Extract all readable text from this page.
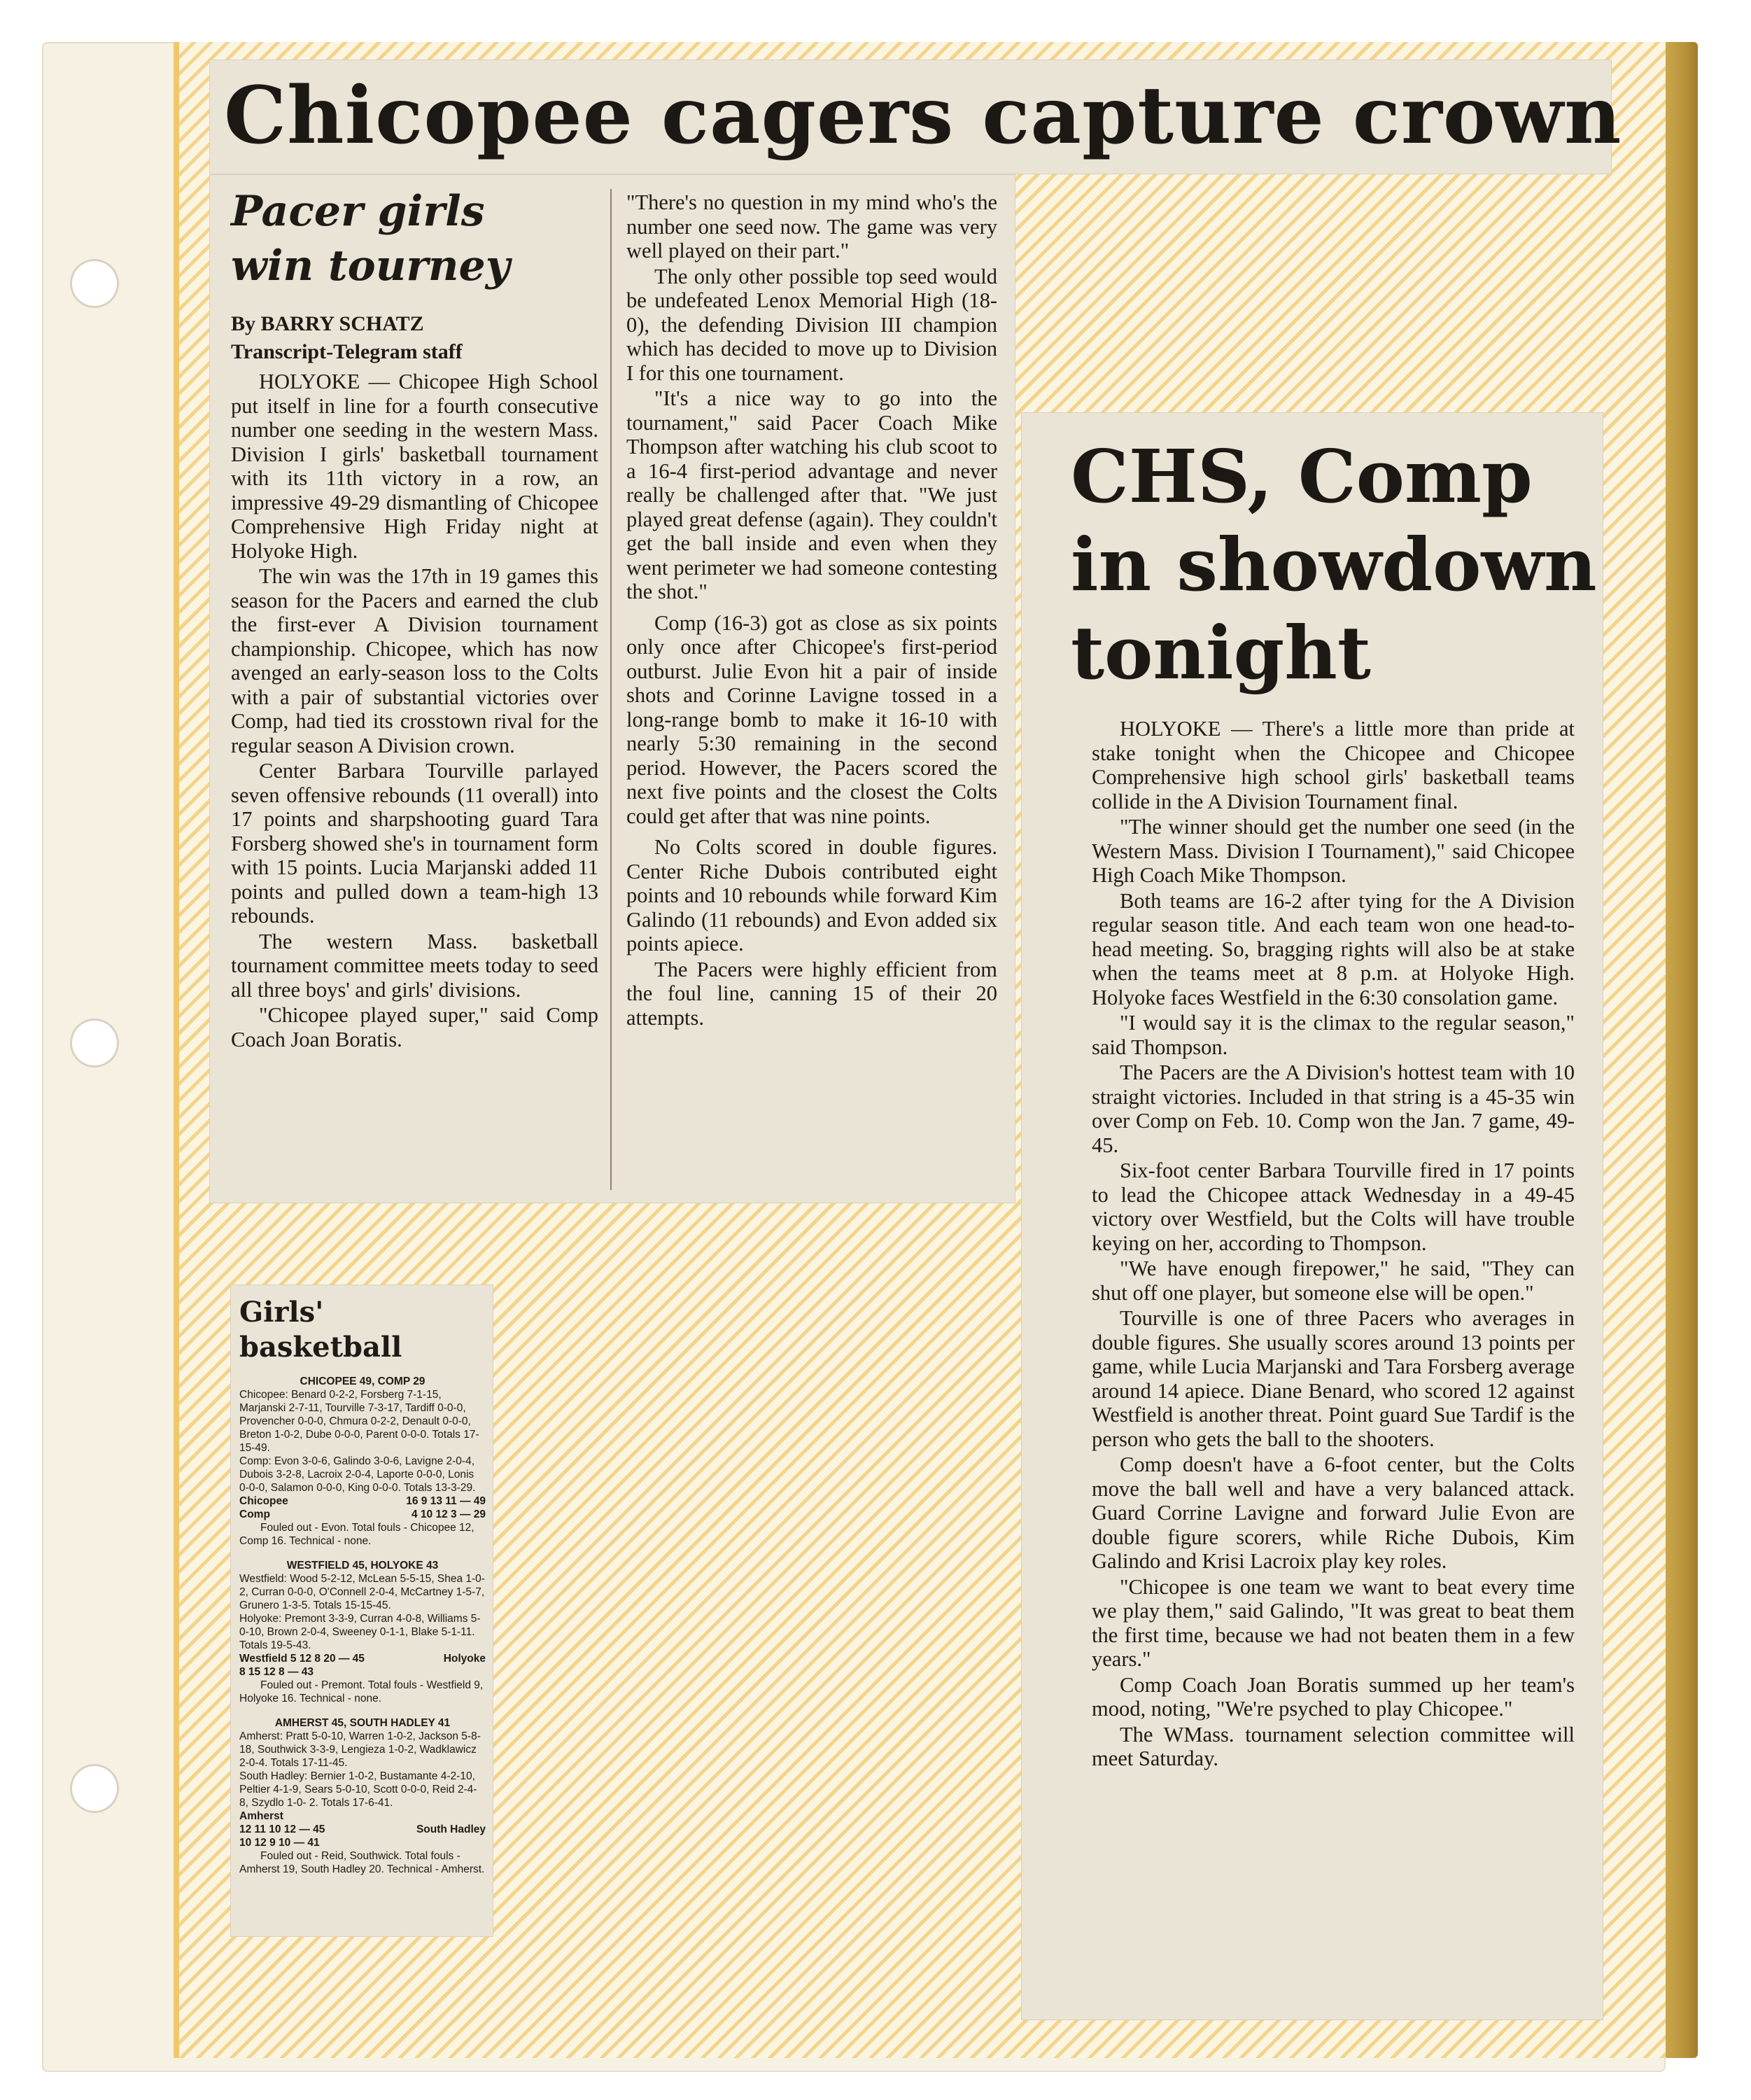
Chicopee cagers capture crown

Pacer girls

win tourney

By BARRY SCHATZ

Transcript-Telegram staff

HOLYOKE — Chicopee High School put itself in line for a fourth consecutive number one seeding in the western Mass. Division I girls' basketball tournament with its 11th victory in a row, an impressive 49-29 dismantling of Chicopee Comprehensive High Friday night at Holyoke High.

The win was the 17th in 19 games this season for the Pacers and earned the club the first-ever A Division tournament championship. Chicopee, which has now avenged an early-season loss to the Colts with a pair of substantial victories over Comp, had tied its crosstown rival for the regular season A Division crown.

Center Barbara Tourville parlayed seven offensive rebounds (11 overall) into 17 points and sharpshooting guard Tara Forsberg showed she's in tournament form with 15 points. Lucia Marjanski added 11 points and pulled down a team-high 13 rebounds.

The western Mass. basketball tournament committee meets today to seed all three boys' and girls' divisions.

"Chicopee played super," said Comp Coach Joan Boratis.

"There's no question in my mind who's the number one seed now. The game was very well played on their part."

The only other possible top seed would be undefeated Lenox Memorial High (18-0), the defending Division III champion which has decided to move up to Division I for this one tournament.

"It's a nice way to go into the tournament," said Pacer Coach Mike Thompson after watching his club scoot to a 16-4 first-period advantage and never really be challenged after that. "We just played great defense (again). They couldn't get the ball inside and even when they went perimeter we had someone contesting the shot."

Comp (16-3) got as close as six points only once after Chicopee's first-period outburst. Julie Evon hit a pair of inside shots and Corinne Lavigne tossed in a long-range bomb to make it 16-10 with nearly 5:30 remaining in the second period. However, the Pacers scored the next five points and the closest the Colts could get after that was nine points.

No Colts scored in double figures. Center Riche Dubois contributed eight points and 10 rebounds while forward Kim Galindo (11 rebounds) and Evon added six points apiece.

The Pacers were highly efficient from the foul line, canning 15 of their 20 attempts.

Girls' basketball

CHICOPEE 49, COMP 29
Chicopee: Benard 0-2-2, Forsberg 7-1-15, Marjanski 2-7-11, Tourville 7-3-17, Tardiff 0-0-0, Provencher 0-0-0, Chmura 0-2-2, Denault 0-0-0, Breton 1-0-2, Dube 0-0-0, Parent 0-0-0. Totals 17-15-49.
Comp: Evon 3-0-6, Galindo 3-0-6, Lavigne 2-0-4, Dubois 3-2-8, Lacroix 2-0-4, Laporte 0-0-0, Lonis 0-0-0, Salamon 0-0-0, King 0-0-0. Totals 13-3-29.
Chicopee	16 9 13 11 — 49
Comp	4 10 12 3 — 29
Fouled out - Evon. Total fouls - Chicopee 12, Comp 16. Technical - none.
WESTFIELD 45, HOLYOKE 43
Westfield: Wood 5-2-12, McLean 5-5-15, Shea 1-0-2, Curran 0-0-0, O'Connell 2-0-4, McCartney 1-5-7, Grunero 1-3-5. Totals 15-15-45.
Holyoke: Premont 3-3-9, Curran 4-0-8, Williams 5-0-10, Brown 2-0-4, Sweeney 0-1-1, Blake 5-1-11. Totals 19-5-43.
Westfield 5 12 8 20 — 45	Holyoke
8 15 12 8 — 43
Fouled out - Premont. Total fouls - Westfield 9, Holyoke 16. Technical - none.
AMHERST 45, SOUTH HADLEY 41
Amherst: Pratt 5-0-10, Warren 1-0-2, Jackson 5-8-18, Southwick 3-3-9, Lengieza 1-0-2, Wadklawicz 2-0-4. Totals 17-11-45.
South Hadley: Bernier 1-0-2, Bustamante 4-2-10, Peltier 4-1-9, Sears 5-0-10, Scott 0-0-0, Reid 2-4-8, Szydlo 1-0- 2. Totals 17-6-41.
Amherst
12 11 10 12 — 45	South Hadley
10 12 9 10 — 41
Fouled out - Reid, Southwick. Total fouls - Amherst 19, South Hadley 20. Technical - Amherst.

CHS, Comp

in showdown

tonight

HOLYOKE — There's a little more than pride at stake tonight when the Chicopee and Chicopee Comprehensive high school girls' basketball teams collide in the A Division Tournament final.

"The winner should get the number one seed (in the Western Mass. Division I Tournament)," said Chicopee High Coach Mike Thompson.

Both teams are 16-2 after tying for the A Division regular season title. And each team won one head-to-head meeting. So, bragging rights will also be at stake when the teams meet at 8 p.m. at Holyoke High. Holyoke faces Westfield in the 6:30 consolation game.

"I would say it is the climax to the regular season," said Thompson.

The Pacers are the A Division's hottest team with 10 straight victories. Included in that string is a 45-35 win over Comp on Feb. 10. Comp won the Jan. 7 game, 49-45.

Six-foot center Barbara Tourville fired in 17 points to lead the Chicopee attack Wednesday in a 49-45 victory over Westfield, but the Colts will have trouble keying on her, according to Thompson.

"We have enough firepower," he said, "They can shut off one player, but someone else will be open."

Tourville is one of three Pacers who averages in double figures. She usually scores around 13 points per game, while Lucia Marjanski and Tara Forsberg average around 14 apiece. Diane Benard, who scored 12 against Westfield is another threat. Point guard Sue Tardif is the person who gets the ball to the shooters.

Comp doesn't have a 6-foot center, but the Colts move the ball well and have a very balanced attack. Guard Corrine Lavigne and forward Julie Evon are double figure scorers, while Riche Dubois, Kim Galindo and Krisi Lacroix play key roles.

"Chicopee is one team we want to beat every time we play them," said Galindo, "It was great to beat them the first time, because we had not beaten them in a few years."

Comp Coach Joan Boratis summed up her team's mood, noting, "We're psyched to play Chicopee."

The WMass. tournament selection committee will meet Saturday.
